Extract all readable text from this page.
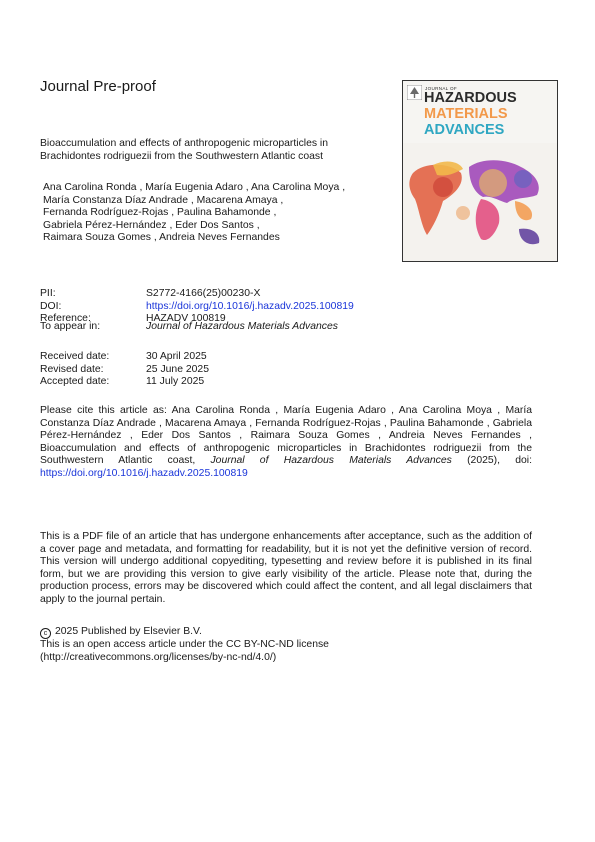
Journal Pre-proof
Bioaccumulation and effects of anthropogenic microparticles in Brachidontes rodriguezii from the Southwestern Atlantic coast
Ana Carolina Ronda , María Eugenia Adaro , Ana Carolina Moya ,
María Constanza Díaz Andrade , Macarena Amaya ,
Fernanda Rodríguez-Rojas , Paulina Bahamonde ,
Gabriela Pérez-Hernández , Eder Dos Santos ,
Raimara Souza Gomes , Andreia Neves Fernandes
JOURNAL OF
HAZARDOUS
MATERIALS
ADVANCES
PII:	S2772-4166(25)00230-X
DOI:	https://doi.org/10.1016/j.hazadv.2025.100819
Reference:	HAZADV 100819
To appear in:	Journal of Hazardous Materials Advances
Received date:	30 April 2025
Revised date:	25 June 2025
Accepted date:	11 July 2025
Please cite this article as: Ana Carolina Ronda , María Eugenia Adaro , Ana Carolina Moya , María Constanza Díaz Andrade , Macarena Amaya , Fernanda Rodríguez-Rojas , Paulina Bahamonde , Gabriela Pérez-Hernández , Eder Dos Santos , Raimara Souza Gomes , Andreia Neves Fernandes , Bioaccumulation and effects of anthropogenic microparticles in Brachidontes rodriguezii from the Southwestern Atlantic coast, Journal of Hazardous Materials Advances (2025), doi: https://doi.org/10.1016/j.hazadv.2025.100819
This is a PDF file of an article that has undergone enhancements after acceptance, such as the addition of a cover page and metadata, and formatting for readability, but it is not yet the definitive version of record. This version will undergo additional copyediting, typesetting and review before it is published in its final form, but we are providing this version to give early visibility of the article. Please note that, during the production process, errors may be discovered which could affect the content, and all legal disclaimers that apply to the journal pertain.
c 2025 Published by Elsevier B.V.
This is an open access article under the CC BY-NC-ND license
(http://creativecommons.org/licenses/by-nc-nd/4.0/)
